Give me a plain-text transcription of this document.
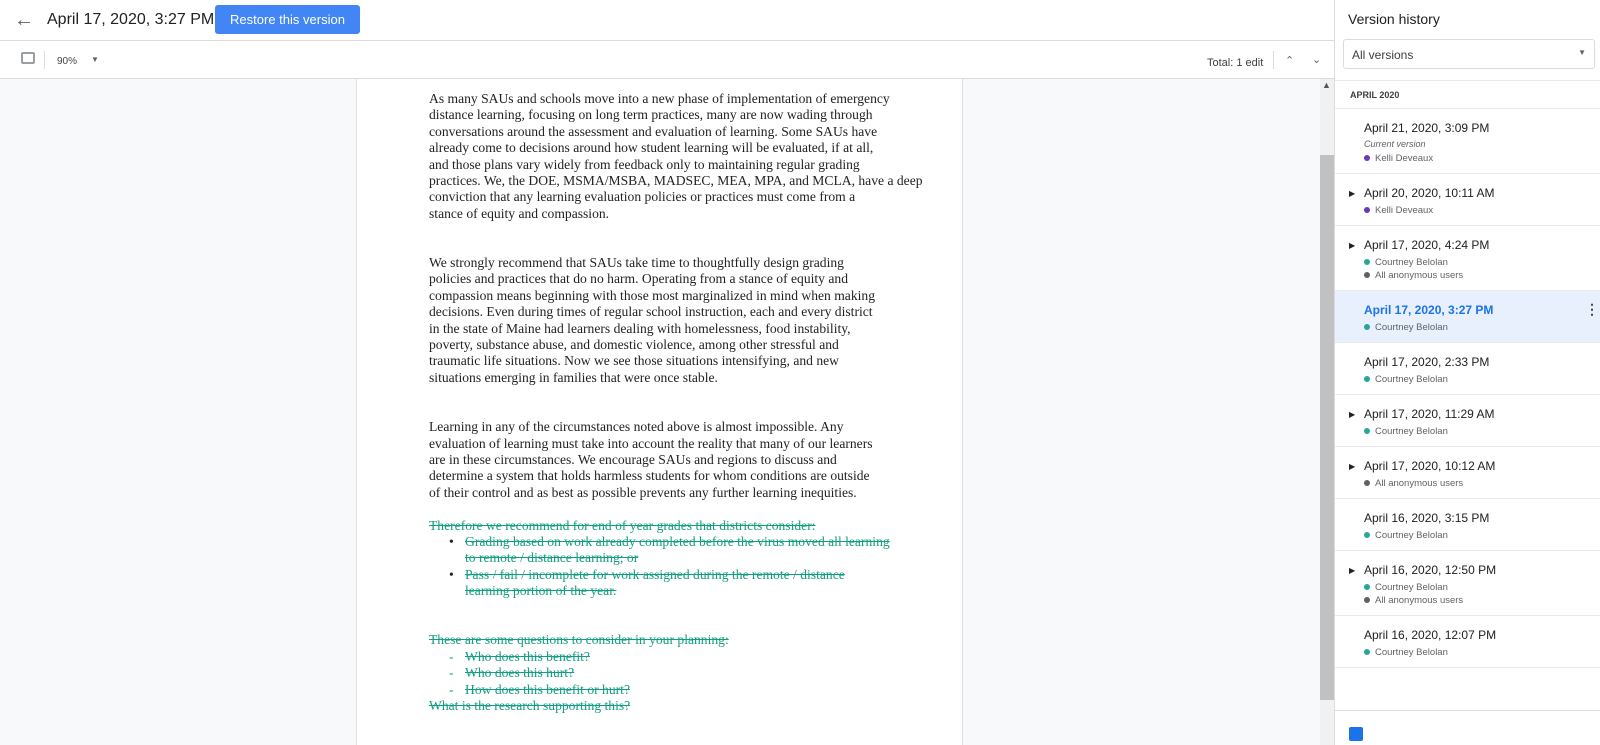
← April 17, 2020, 3:27 PM	Restore this version
90% ▼	Total: 1 edit ⌃ ⌄
As many SAUs and schools move into a new phase of implementation of emergency
distance learning, focusing on long term practices, many are now wading through
conversations around the assessment and evaluation of learning. Some SAUs have
already come to decisions around how student learning will be evaluated, if at all,
and those plans vary widely from feedback only to maintaining regular grading
practices. We, the DOE, MSMA/MSBA, MADSEC, MEA, MPA, and MCLA, have a deep
conviction that any learning evaluation policies or practices must come from a
stance of equity and compassion.
We strongly recommend that SAUs take time to thoughtfully design grading
policies and practices that do no harm. Operating from a stance of equity and
compassion means beginning with those most marginalized in mind when making
decisions. Even during times of regular school instruction, each and every district
in the state of Maine had learners dealing with homelessness, food instability,
poverty, substance abuse, and domestic violence, among other stressful and
traumatic life situations. Now we see those situations intensifying, and new
situations emerging in families that were once stable.
Learning in any of the circumstances noted above is almost impossible. Any
evaluation of learning must take into account the reality that many of our learners
are in these circumstances. We encourage SAUs and regions to discuss and
determine a system that holds harmless students for whom conditions are outside
of their control and as best as possible prevents any further learning inequities.
Therefore we recommend for end of year grades that districts consider:
• Grading based on work already completed before the virus moved all learning
to remote / distance learning; or
• Pass / fail / incomplete for work assigned during the remote / distance
learning portion of the year.
These are some questions to consider in your planning:
- Who does this benefit?
- Who does this hurt?
- How does this benefit or hurt?
What is the research supporting this?
▲
Version history
All versions	▼
APRIL 2020
April 21, 2020, 3:09 PM
Current version
Kelli Deveaux
▶ April 20, 2020, 10:11 AM
Kelli Deveaux
▶ April 17, 2020, 4:24 PM
Courtney Belolan
All anonymous users
April 17, 2020, 3:27 PM
Courtney Belolan
⋮
April 17, 2020, 2:33 PM
Courtney Belolan
▶ April 17, 2020, 11:29 AM
Courtney Belolan
▶ April 17, 2020, 10:12 AM
All anonymous users
April 16, 2020, 3:15 PM
Courtney Belolan
▶ April 16, 2020, 12:50 PM
Courtney Belolan
All anonymous users
April 16, 2020, 12:07 PM
Courtney Belolan
